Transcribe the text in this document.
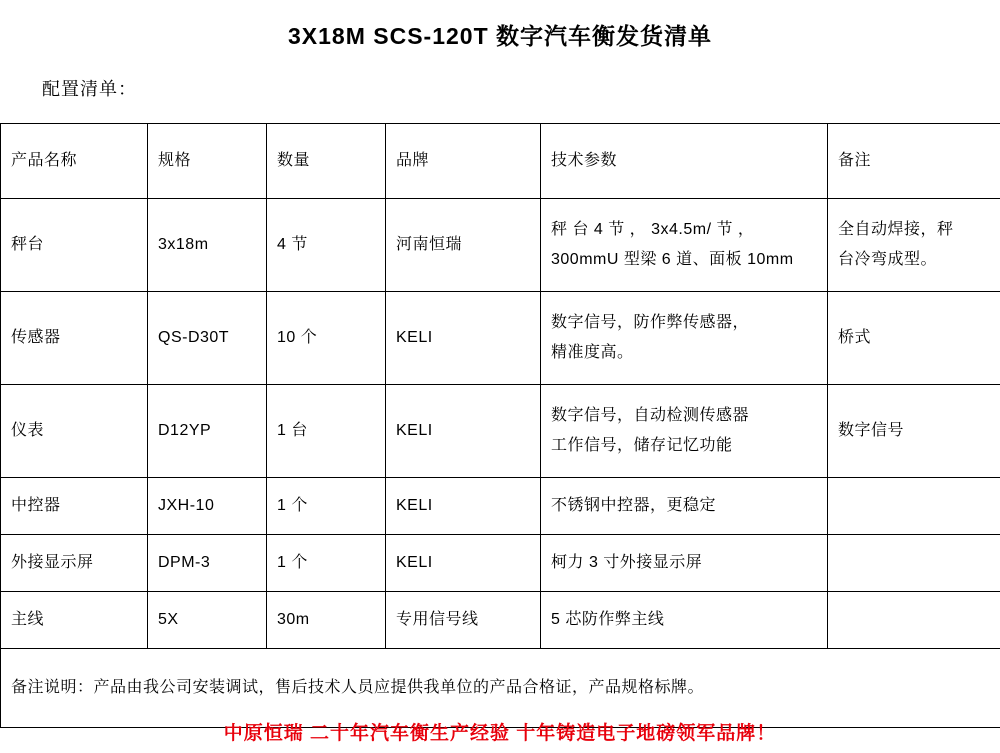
3X18M SCS-120T 数字汽车衡发货清单
配置清单：
产品名称	规格	数量	品牌	技术参数	备注
秤台	3x18m	4 节	河南恒瑞	秤 台 4 节 ， 3x4.5m/ 节 ，
300mmU 型梁 6 道、面板 10mm	全自动焊接，秤
台冷弯成型。

传感器	QS-D30T	10 个	KELI	数字信号，防作弊传感器，
精准度高。	桥式

仪表	D12YP	1 台	KELI	数字信号，自动检测传感器
工作信号，储存记忆功能	数字信号

中控器	JXH-10	1 个	KELI	不锈钢中控器，更稳定	
外接显示屏	DPM-3	1 个	KELI	柯力 3 寸外接显示屏	
主线	5X	30m	专用信号线	5 芯防作弊主线	
备注说明：产品由我公司安装调试，售后技术人员应提供我单位的产品合格证，产品规格标牌。					
中原恒瑞 二十年汽车衡生产经验 十年铸造电子地磅领军品牌！
